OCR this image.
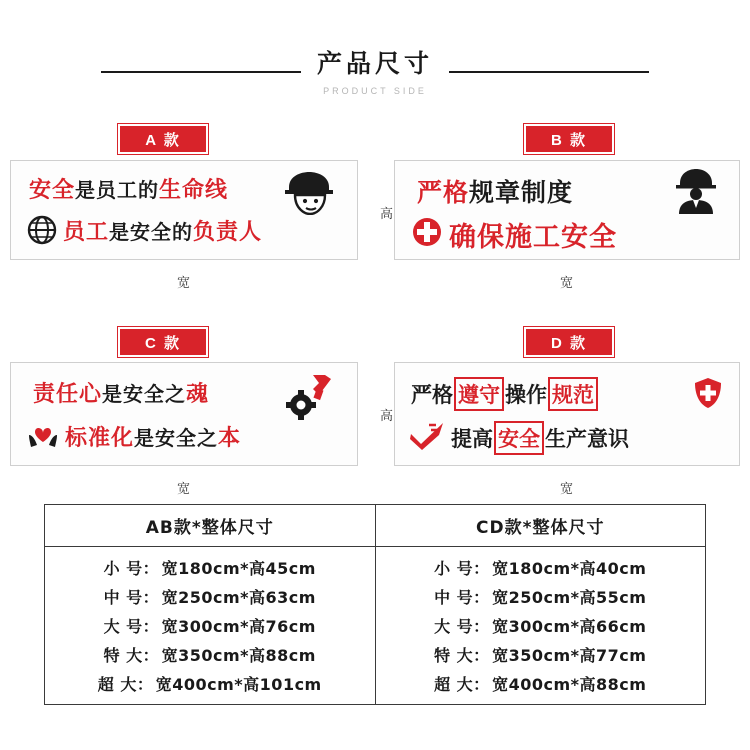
产品尺寸
PRODUCT SIDE
A 款	B 款
C 款	D 款
安全 是员工的 生命线
员工 是安全的 负责人
高
宽
严格 规章制度
确保施工安全
宽
责任心 是安全之 魂
标准化 是安全之 本
高
宽
严格 遵守 操作 规范
提高 安全 生产意识
宽
AB款*整体尺寸
小 号： 宽180cm*高45cm
中 号： 宽250cm*高63cm
大 号： 宽300cm*高76cm
特 大： 宽350cm*高88cm
超 大： 宽400cm*高101cm
CD款*整体尺寸
小 号： 宽180cm*高40cm
中 号： 宽250cm*高55cm
大 号： 宽300cm*高66cm
特 大： 宽350cm*高77cm
超 大： 宽400cm*高88cm
